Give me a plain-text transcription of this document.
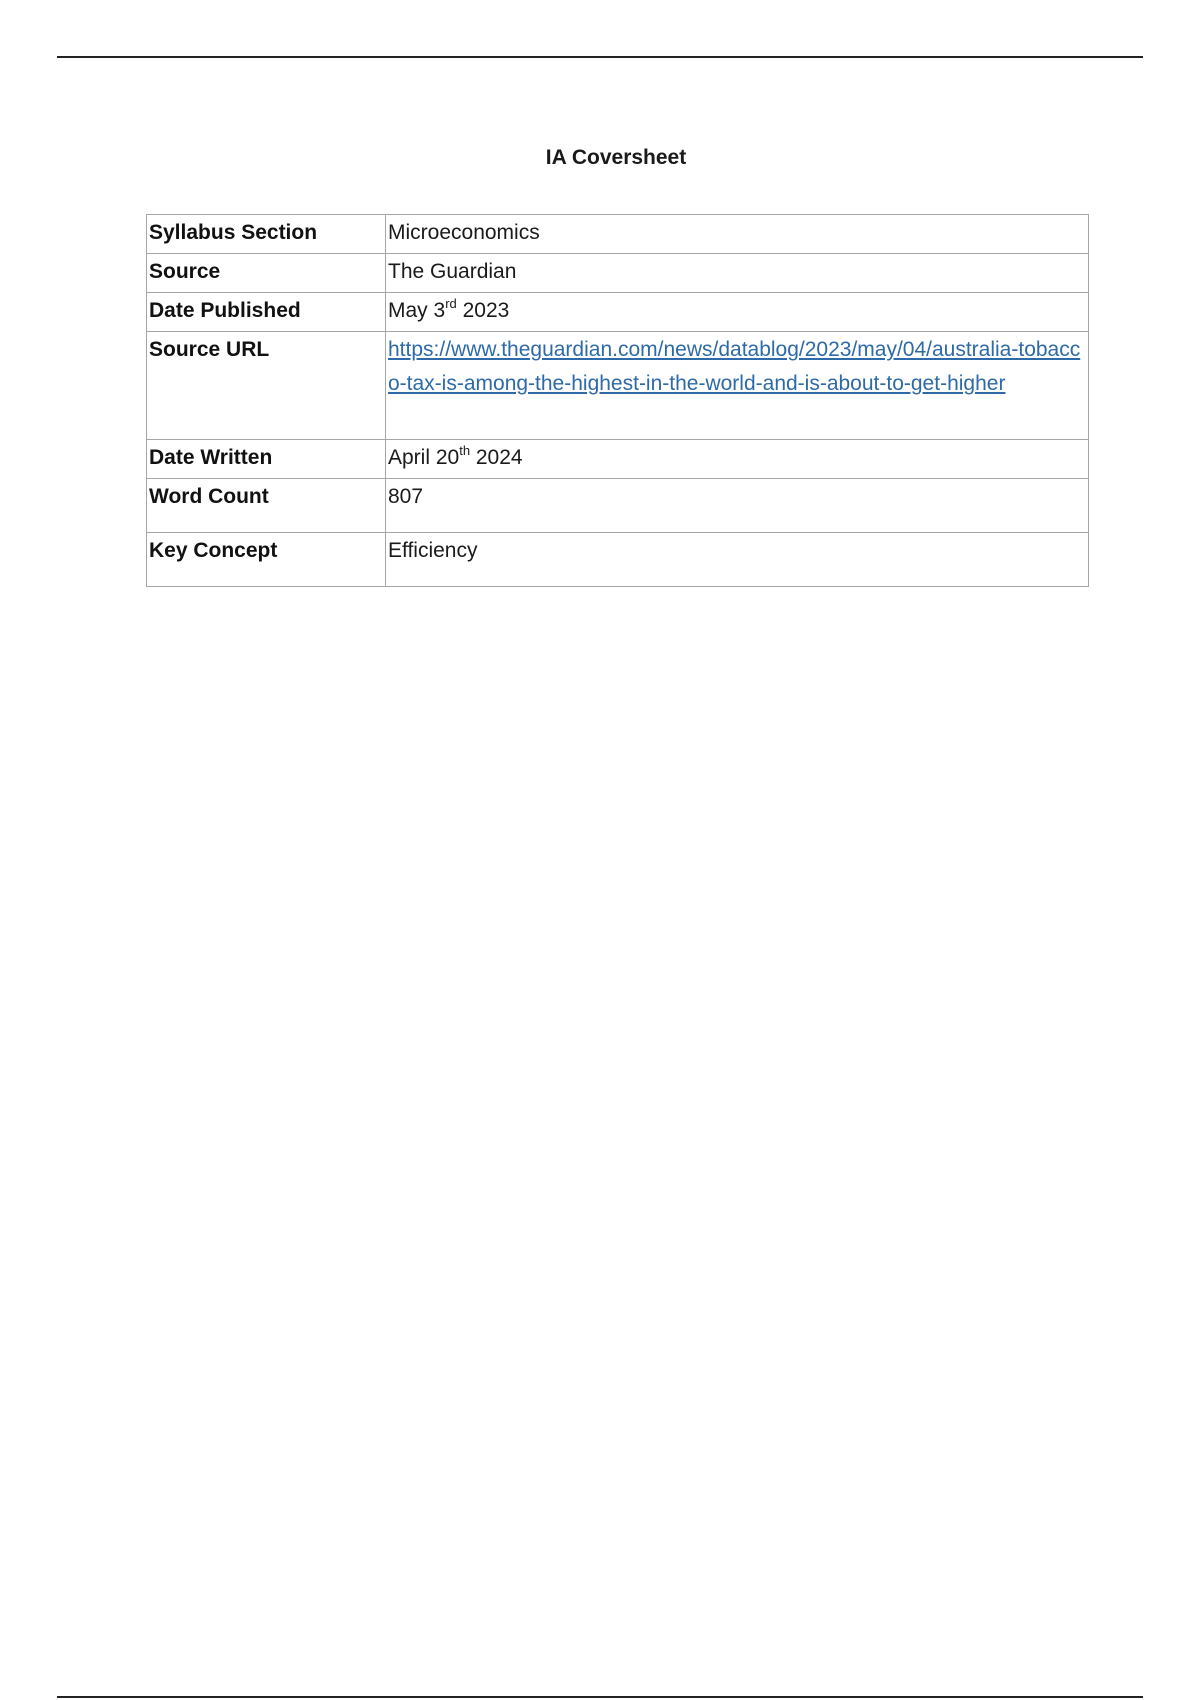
IA Coversheet
Syllabus Section	Microeconomics
Source	The Guardian
Date Published	May 3rd 2023
Source URL	https://www.theguardian.com/news/datablog/2023/may/04/australia-tobacco-tax-is-among-the-highest-in-the-world-and-is-about-to-get-higher

Date Written	April 20th 2024
Word Count	807
Key Concept	Efficiency
